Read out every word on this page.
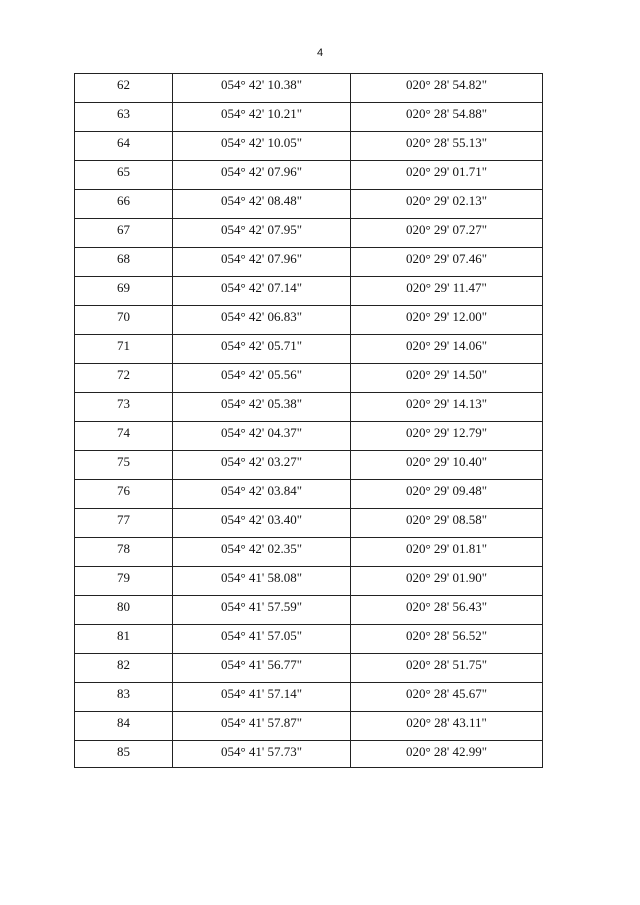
4
62	054° 42' 10.38"	020° 28' 54.82"
63	054° 42' 10.21"	020° 28' 54.88"
64	054° 42' 10.05"	020° 28' 55.13"
65	054° 42' 07.96"	020° 29' 01.71"
66	054° 42' 08.48"	020° 29' 02.13"
67	054° 42' 07.95"	020° 29' 07.27"
68	054° 42' 07.96"	020° 29' 07.46"
69	054° 42' 07.14"	020° 29' 11.47"
70	054° 42' 06.83"	020° 29' 12.00"
71	054° 42' 05.71"	020° 29' 14.06"
72	054° 42' 05.56"	020° 29' 14.50"
73	054° 42' 05.38"	020° 29' 14.13"
74	054° 42' 04.37"	020° 29' 12.79"
75	054° 42' 03.27"	020° 29' 10.40"
76	054° 42' 03.84"	020° 29' 09.48"
77	054° 42' 03.40"	020° 29' 08.58"
78	054° 42' 02.35"	020° 29' 01.81"
79	054° 41' 58.08"	020° 29' 01.90"
80	054° 41' 57.59"	020° 28' 56.43"
81	054° 41' 57.05"	020° 28' 56.52"
82	054° 41' 56.77"	020° 28' 51.75"
83	054° 41' 57.14"	020° 28' 45.67"
84	054° 41' 57.87"	020° 28' 43.11"
85	054° 41' 57.73"	020° 28' 42.99"
